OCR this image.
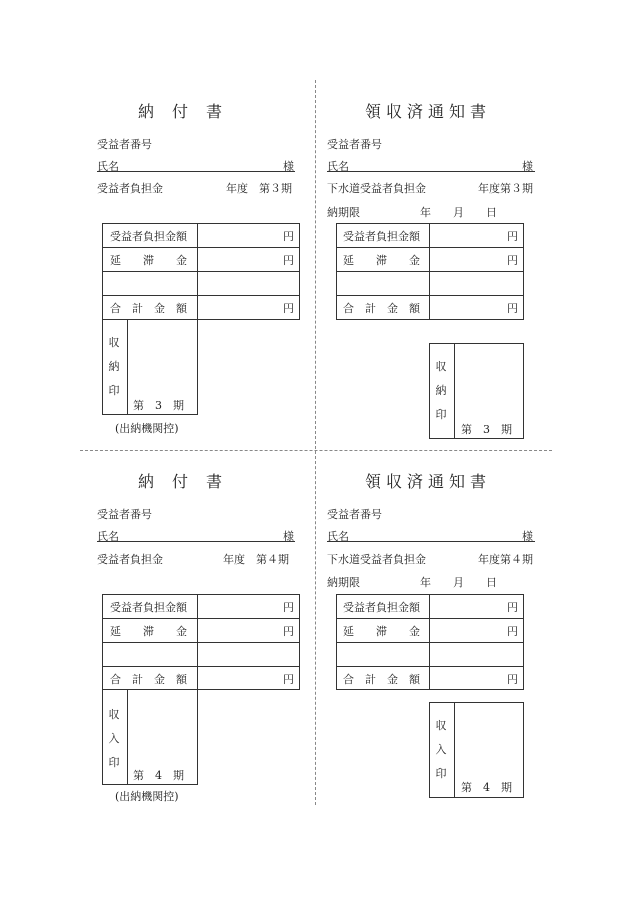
納　付　書
受益者番号
氏名	様
受益者負担金	年度　第３期
受益者負担金額	円
延　　滞　　金	円
合　計　金　額	円
収納印
第　3　期
(出納機関控)
領収済通知書
受益者番号
氏名	様
下水道受益者負担金	年度第３期
納期限	年　　月　　日
受益者負担金額	円
延　　滞　　金	円
合　計　金　額	円
収納印
第　3　期
納　付　書
受益者番号
氏名	様
受益者負担金	年度　第４期
受益者負担金額	円
延　　滞　　金	円
合　計　金　額	円
収入印
第　4　期
(出納機関控)
領収済通知書
受益者番号
氏名	様
下水道受益者負担金	年度第４期
納期限	年　　月　　日
受益者負担金額	円
延　　滞　　金	円
合　計　金　額	円
収入印
第　4　期
